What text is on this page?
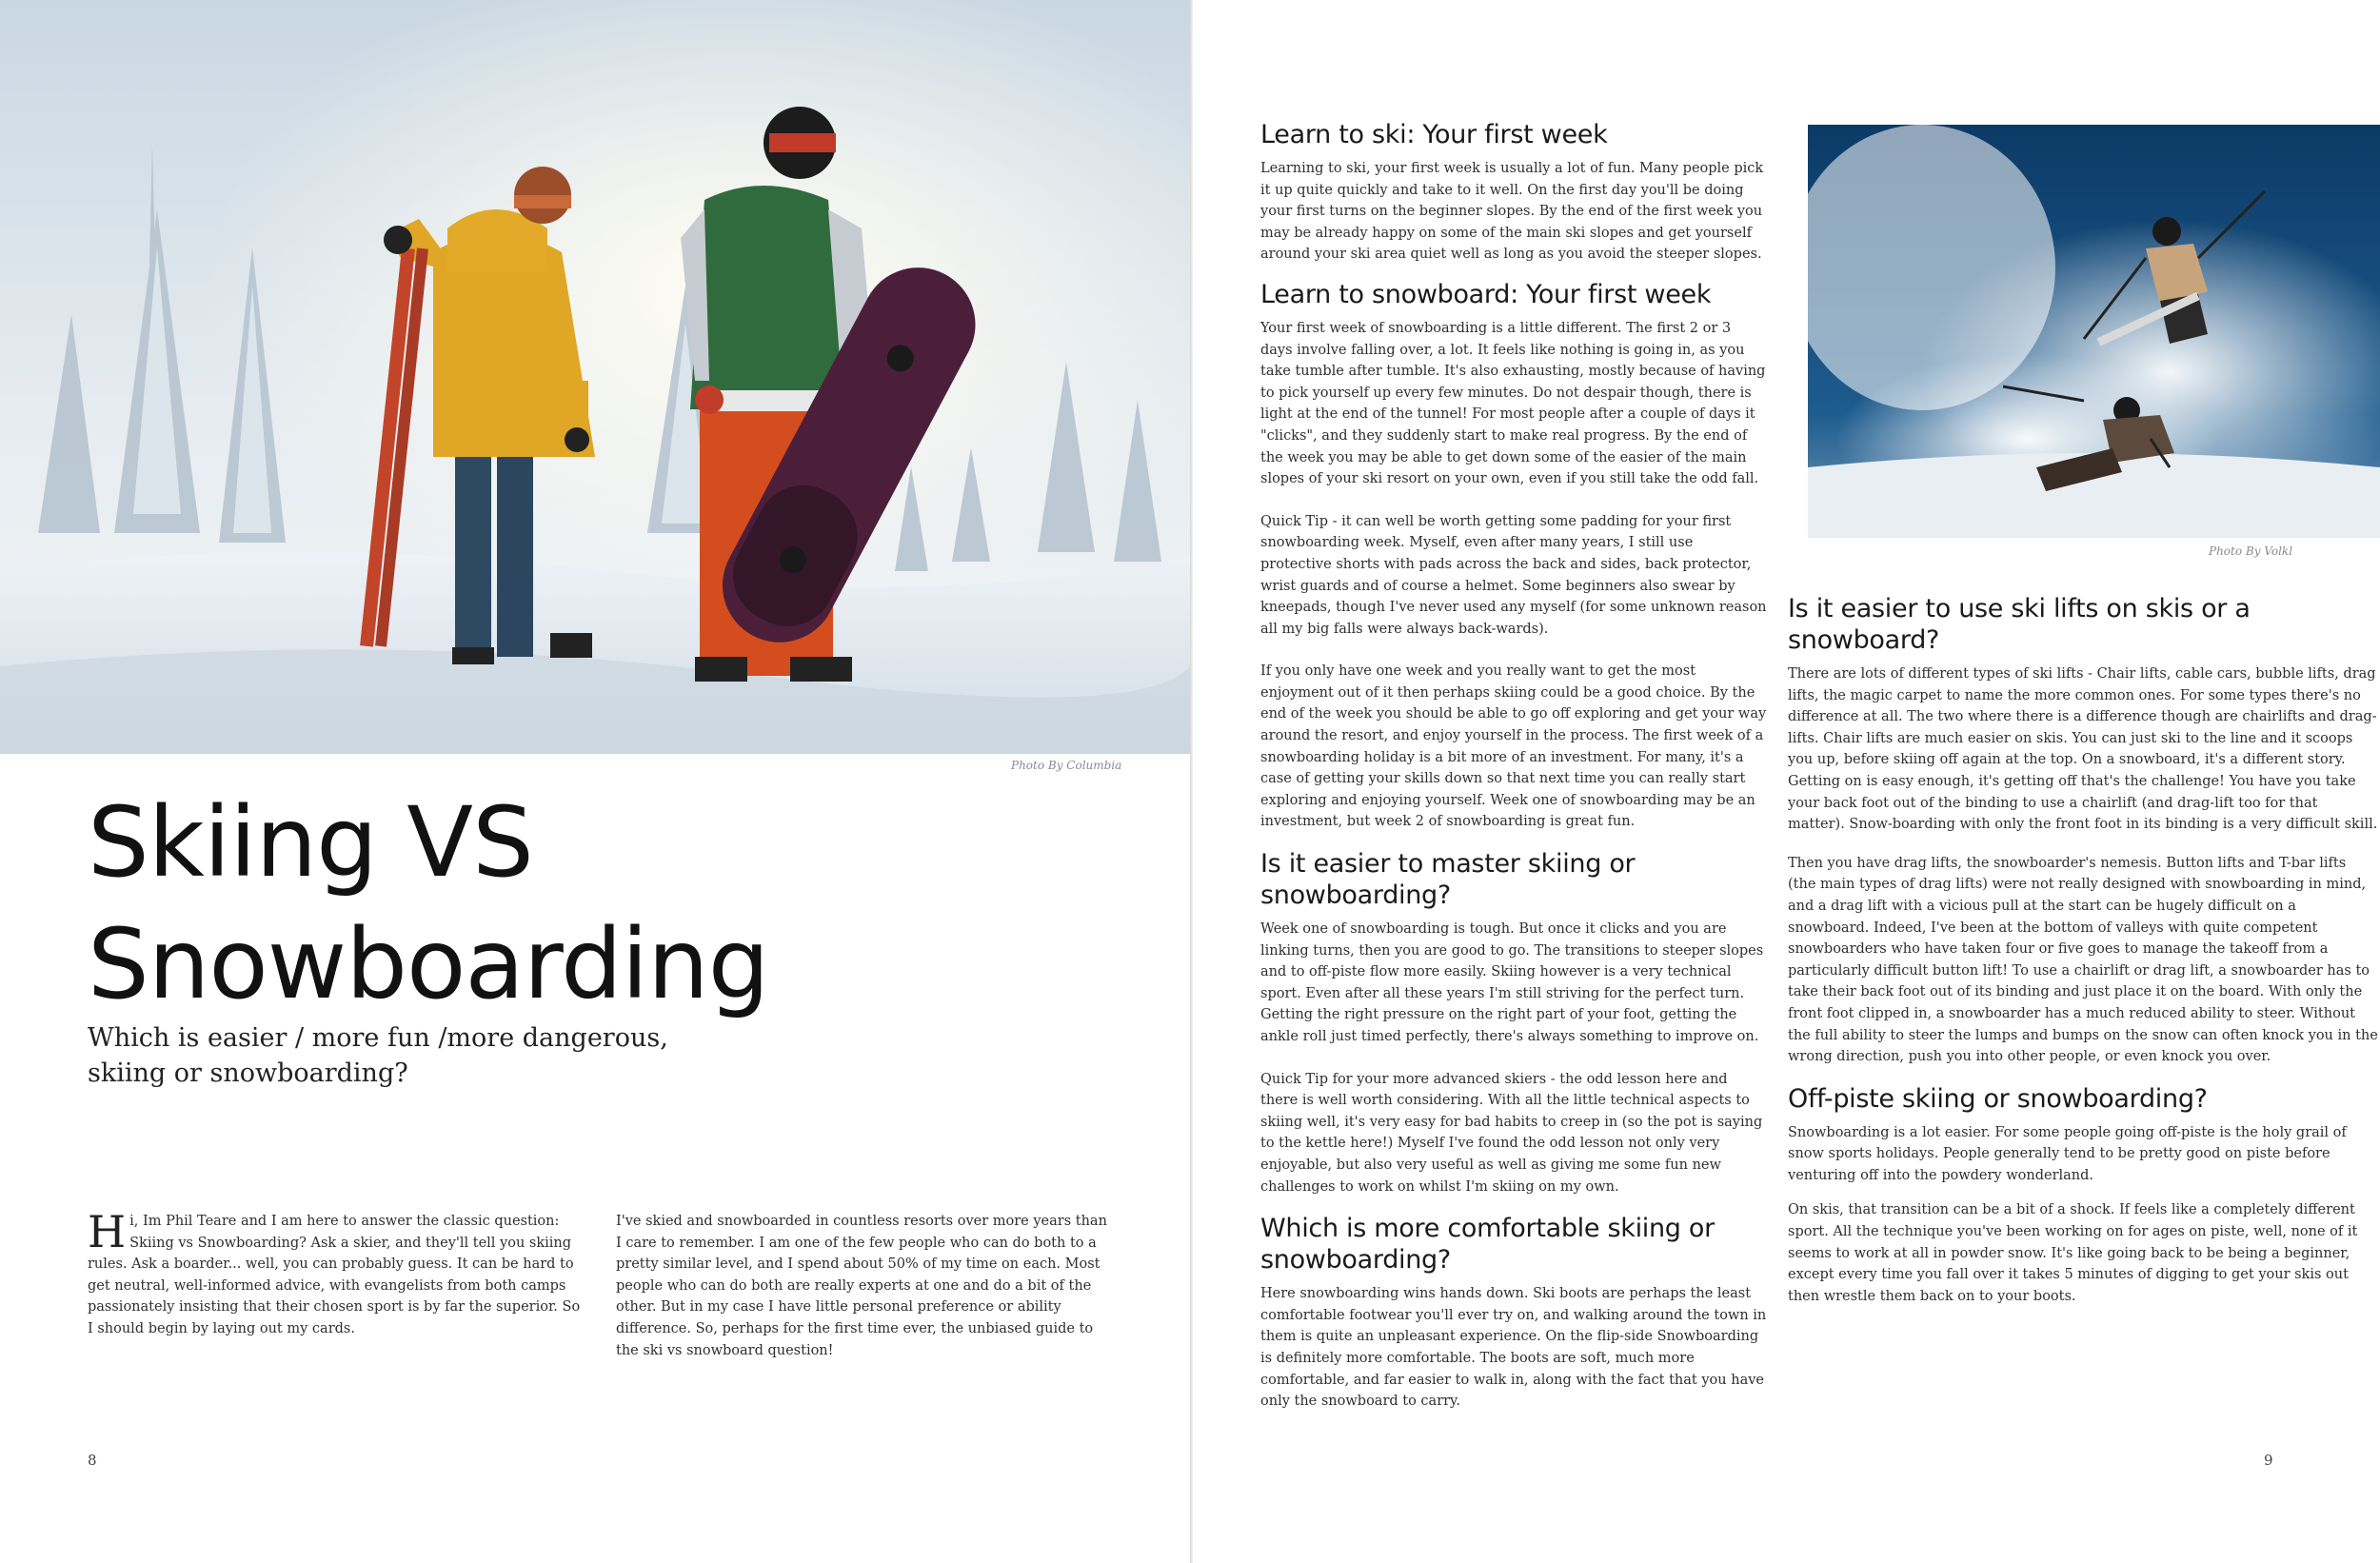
Photo By Columbia
Skiing VS
Snowboarding
Which is easier / more fun /more dangerous,
skiing or snowboarding?

Hi, Im Phil Teare and I am here to answer the classic question: Skiing vs Snowboarding? Ask a skier, and they'll tell you skiing rules. Ask a boarder... well, you can probably guess. It can be hard to get neutral, well-informed advice, with evangelists from both camps passionately insisting that their chosen sport is by far the superior. So I should begin by laying out my cards.

I've skied and snowboarded in countless resorts over more years than I care to remember. I am one of the few people who can do both to a pretty similar level, and I spend about 50% of my time on each. Most people who can do both are really experts at one and do a bit of the other. But in my case I have little personal preference or ability difference. So, perhaps for the first time ever, the unbiased guide to the ski vs snowboard question!

8
Learn to ski: Your first week

Learning to ski, your first week is usually a lot of fun. Many people pick it up quite quickly and take to it well. On the first day you'll be doing your first turns on the beginner slopes. By the end of the first week you may be already happy on some of the main ski slopes and get yourself around your ski area quiet well as long as you avoid the steeper slopes.

Learn to snowboard: Your first week

Your first week of snowboarding is a little different. The first 2 or 3 days involve falling over, a lot. It feels like nothing is going in, as you take tumble after tumble. It's also exhausting, mostly because of having to pick yourself up every few minutes. Do not despair though, there is light at the end of the tunnel! For most people after a couple of days it "clicks", and they suddenly start to make real progress. By the end of the week you may be able to get down some of the easier of the main slopes of your ski resort on your own, even if you still take the odd fall.

Quick Tip - it can well be worth getting some padding for your first snowboarding week. Myself, even after many years, I still use protective shorts with pads across the back and sides, back protector, wrist guards and of course a helmet. Some beginners also swear by kneepads, though I've never used any myself (for some unknown reason all my big falls were always back-wards).

If you only have one week and you really want to get the most enjoyment out of it then perhaps skiing could be a good choice. By the end of the week you should be able to go off exploring and get your way around the resort, and enjoy yourself in the process. The first week of a snowboarding holiday is a bit more of an investment. For many, it's a case of getting your skills down so that next time you can really start exploring and enjoying yourself. Week one of snowboarding may be an investment, but week 2 of snowboarding is great fun.

Is it easier to master skiing or snowboarding?

Week one of snowboarding is tough. But once it clicks and you are linking turns, then you are good to go. The transitions to steeper slopes and to off-piste flow more easily. Skiing however is a very technical sport. Even after all these years I'm still striving for the perfect turn. Getting the right pressure on the right part of your foot, getting the ankle roll just timed perfectly, there's always something to improve on.

Quick Tip for your more advanced skiers - the odd lesson here and there is well worth considering. With all the little technical aspects to skiing well, it's very easy for bad habits to creep in (so the pot is saying to the kettle here!) Myself I've found the odd lesson not only very enjoyable, but also very useful as well as giving me some fun new challenges to work on whilst I'm skiing on my own.

Which is more comfortable skiing or snowboarding?

Here snowboarding wins hands down. Ski boots are perhaps the least comfortable footwear you'll ever try on, and walking around the town in them is quite an unpleasant experience. On the flip-side Snowboarding is definitely more comfortable. The boots are soft, much more comfortable, and far easier to walk in, along with the fact that you have only the snowboard to carry.

Photo By Volkl
Is it easier to use ski lifts on skis or a snowboard?

There are lots of different types of ski lifts - Chair lifts, cable cars, bubble lifts, drag lifts, the magic carpet to name the more common ones. For some types there's no difference at all. The two where there is a difference though are chairlifts and drag-lifts. Chair lifts are much easier on skis. You can just ski to the line and it scoops you up, before skiing off again at the top. On a snowboard, it's a different story. Getting on is easy enough, it's getting off that's the challenge! You have you take your back foot out of the binding to use a chairlift (and drag-lift too for that matter). Snow-boarding with only the front foot in its binding is a very difficult skill.

Then you have drag lifts, the snowboarder's nemesis. Button lifts and T-bar lifts (the main types of drag lifts) were not really designed with snowboarding in mind, and a drag lift with a vicious pull at the start can be hugely difficult on a snowboard. Indeed, I've been at the bottom of valleys with quite competent snowboarders who have taken four or five goes to manage the takeoff from a particularly difficult button lift! To use a chairlift or drag lift, a snowboarder has to take their back foot out of its binding and just place it on the board. With only the front foot clipped in, a snowboarder has a much reduced ability to steer. Without the full ability to steer the lumps and bumps on the snow can often knock you in the wrong direction, push you into other people, or even knock you over.

Off-piste skiing or snowboarding?

Snowboarding is a lot easier. For some people going off-piste is the holy grail of snow sports holidays. People generally tend to be pretty good on piste before venturing off into the powdery wonderland.

On skis, that transition can be a bit of a shock. If feels like a completely different sport. All the technique you've been working on for ages on piste, well, none of it seems to work at all in powder snow. It's like going back to be being a beginner, except every time you fall over it takes 5 minutes of digging to get your skis out then wrestle them back on to your boots.

9
